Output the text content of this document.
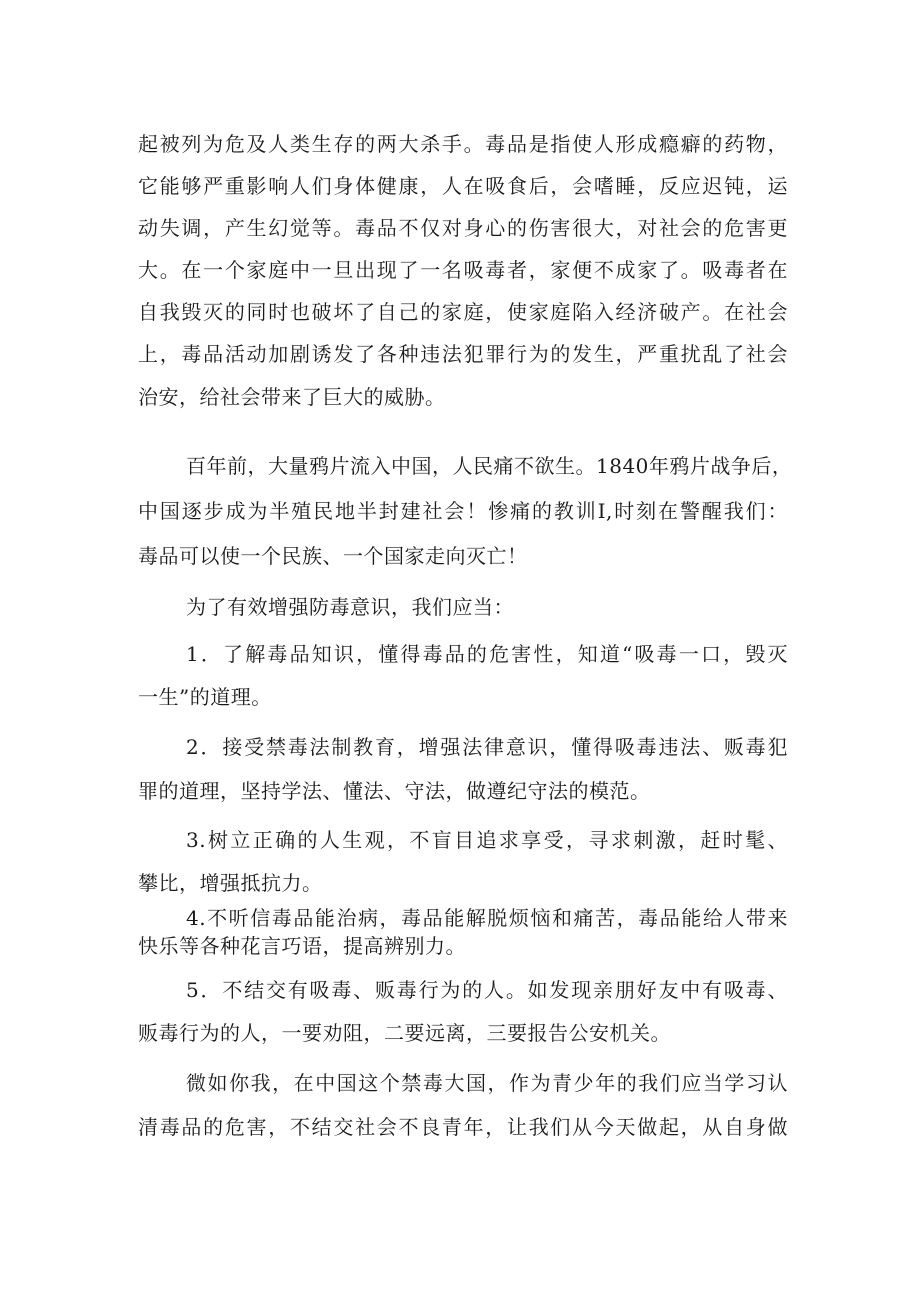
起被列为危及人类生存的两大杀手。毒品是指使人形成瘾癖的药物，
它能够严重影响人们身体健康，人在吸食后，会嗜睡，反应迟钝，运
动失调，产生幻觉等。毒品不仅对身心的伤害很大，对社会的危害更
大。在一个家庭中一旦出现了一名吸毒者，家便不成家了。吸毒者在
自我毁灭的同时也破坏了自己的家庭，使家庭陷入经济破产。在社会
上，毒品活动加剧诱发了各种违法犯罪行为的发生，严重扰乱了社会
治安，给社会带来了巨大的威胁。
百年前，大量鸦片流入中国，人民痛不欲生。1840年鸦片战争后，
中国逐步成为半殖民地半封建社会！惨痛的教训I,时刻在警醒我们：
毒品可以使一个民族、一个国家走向灭亡！
为了有效增强防毒意识，我们应当：
1．了解毒品知识，懂得毒品的危害性，知道“吸毒一口，毁灭
一生”的道理。
2．接受禁毒法制教育，增强法律意识，懂得吸毒违法、贩毒犯
罪的道理，坚持学法、懂法、守法，做遵纪守法的模范。
3.树立正确的人生观，不盲目追求享受，寻求刺激，赶时髦、
攀比，增强抵抗力。
4.不听信毒品能治病，毒品能解脱烦恼和痛苦，毒品能给人带来
快乐等各种花言巧语，提高辨别力。
5．不结交有吸毒、贩毒行为的人。如发现亲朋好友中有吸毒、
贩毒行为的人，一要劝阻，二要远离，三要报告公安机关。
微如你我，在中国这个禁毒大国，作为青少年的我们应当学习认
清毒品的危害，不结交社会不良青年，让我们从今天做起，从自身做
